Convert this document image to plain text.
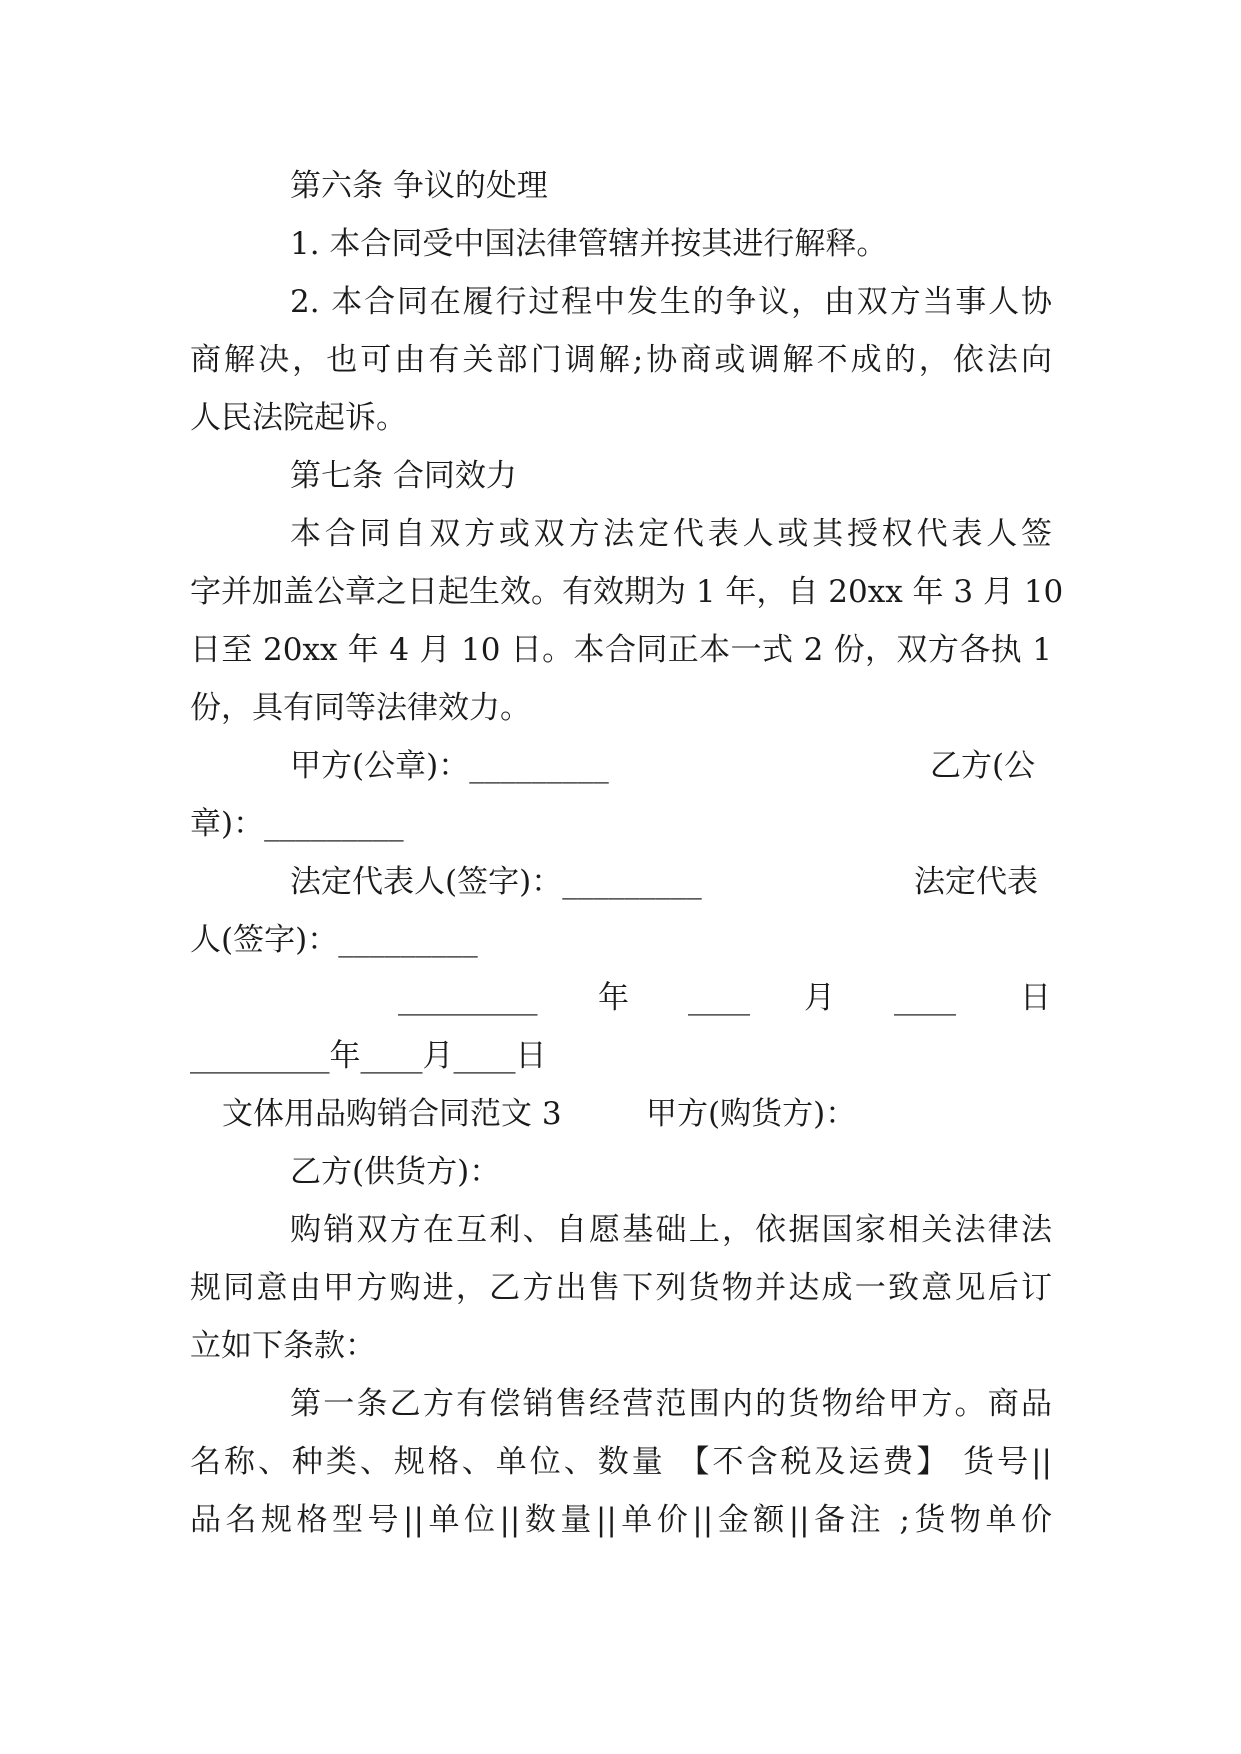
第六条 争议的处理
1. 本合同受中国法律管辖并按其进行解释。
2. 本合同在履行过程中发生的争议，由双方当事人协
商解决，也可由有关部门调解;协商或调解不成的，依法向
人民法院起诉。
第七条 合同效力
本合同自双方或双方法定代表人或其授权代表人签
字并加盖公章之日起生效。有效期为 1 年，自 20xx 年 3 月 10
日至 20xx 年 4 月 10 日。本合同正本一式 2 份，双方各执 1
份，具有同等法律效力。
甲方(公章)：_________	乙方(公
章)：_________
法定代表人(签字)：_________	法定代表
人(签字)：_________
_________ 年 ____ 月 ____ 日
_________年____月____日
文体用品购销合同范文 3	甲方(购货方)：
乙方(供货方)：
购销双方在互利、自愿基础上，依据国家相关法律法
规同意由甲方购进，乙方出售下列货物并达成一致意见后订
立如下条款：
第一条乙方有偿销售经营范围内的货物给甲方。商品
名称、种类、规格、单位、数量 【不含税及运费】 货号||
品名规格型号||单位||数量||单价||金额||备注 ;货物单价
